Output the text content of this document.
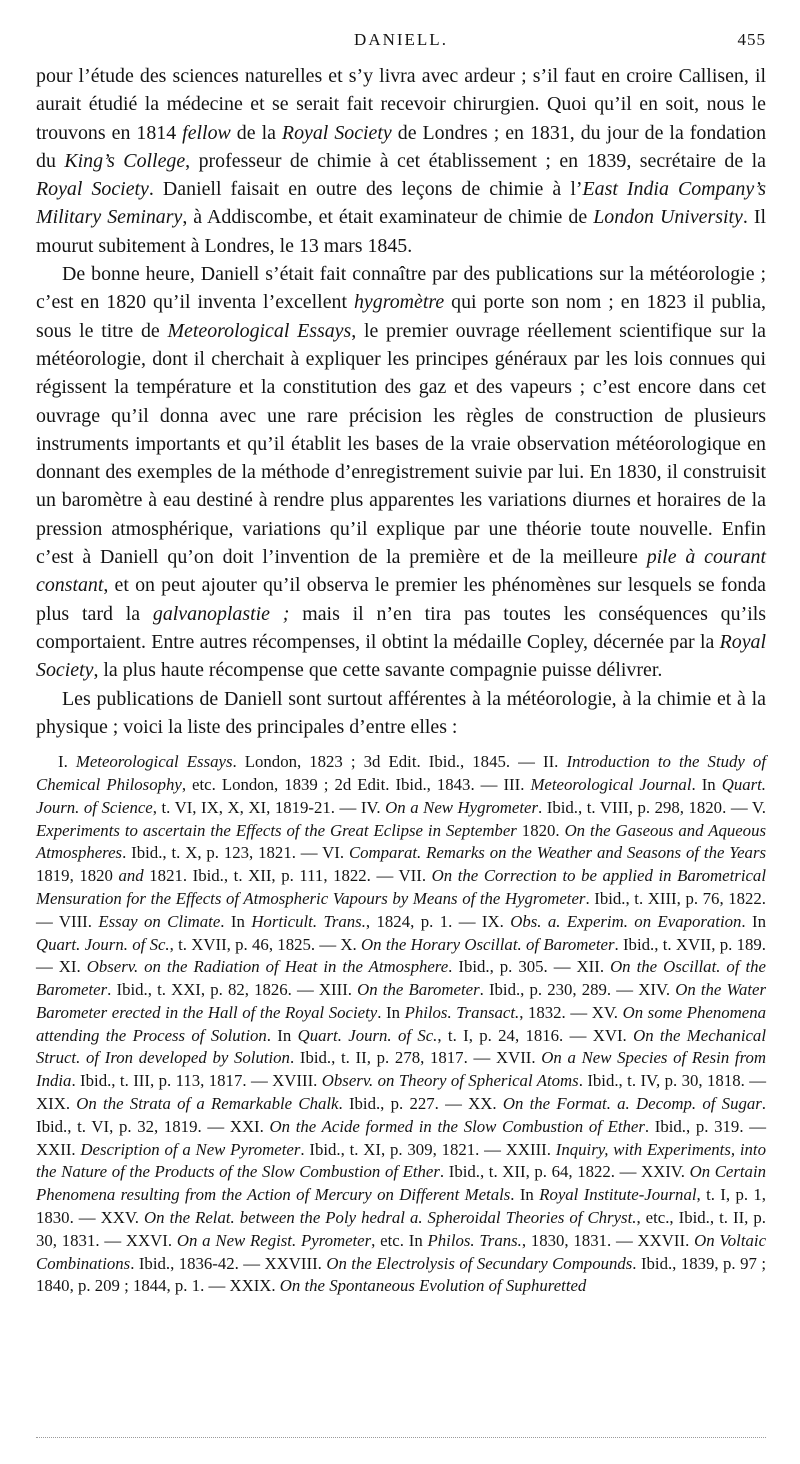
DANIELL.	455

pour l’étude des sciences naturelles et s’y livra avec ardeur ; s’il faut en croire Callisen, il aurait étudié la médecine et se serait fait recevoir chirurgien. Quoi qu’il en soit, nous le trouvons en 1814 fellow de la Royal Society de Londres ; en 1831, du jour de la fondation du King’s College, professeur de chimie à cet établissement ; en 1839, secrétaire de la Royal Society. Daniell faisait en outre des leçons de chimie à l’East India Company’s Military Seminary, à Addiscombe, et était examinateur de chimie de London University. Il mourut subitement à Londres, le 13 mars 1845.

De bonne heure, Daniell s’était fait connaître par des publications sur la météorologie ; c’est en 1820 qu’il inventa l’excellent hygromètre qui porte son nom ; en 1823 il publia, sous le titre de Meteorological Essays, le premier ouvrage réellement scientifique sur la météorologie, dont il cherchait à expliquer les principes généraux par les lois connues qui régissent la température et la constitution des gaz et des vapeurs ; c’est encore dans cet ouvrage qu’il donna avec une rare précision les règles de construction de plusieurs instruments importants et qu’il établit les bases de la vraie observation météorologique en donnant des exemples de la méthode d’enregistrement suivie par lui. En 1830, il construisit un baromètre à eau destiné à rendre plus apparentes les variations diurnes et horaires de la pression atmosphérique, variations qu’il explique par une théorie toute nouvelle. Enfin c’est à Daniell qu’on doit l’invention de la première et de la meilleure pile à courant constant, et on peut ajouter qu’il observa le premier les phénomènes sur lesquels se fonda plus tard la galvanoplastie ; mais il n’en tira pas toutes les conséquences qu’ils comportaient. Entre autres récompenses, il obtint la médaille Copley, décernée par la Royal Society, la plus haute récompense que cette savante compagnie puisse délivrer.

Les publications de Daniell sont surtout afférentes à la météorologie, à la chimie et à la physique ; voici la liste des principales d’entre elles :

I. Meteorological Essays. London, 1823 ; 3d Edit. Ibid., 1845. — II. Introduction to the Study of Chemical Philosophy, etc. London, 1839 ; 2d Edit. Ibid., 1843. — III. Meteorological Journal. In Quart. Journ. of Science, t. VI, IX, X, XI, 1819-21. — IV. On a New Hygrometer. Ibid., t. VIII, p. 298, 1820. — V. Experiments to ascertain the Effects of the Great Eclipse in September 1820. On the Gaseous and Aqueous Atmospheres. Ibid., t. X, p. 123, 1821. — VI. Comparat. Remarks on the Weather and Seasons of the Years 1819, 1820 and 1821. Ibid., t. XII, p. 111, 1822. — VII. On the Correction to be applied in Barometrical Mensuration for the Effects of Atmospheric Vapours by Means of the Hygrometer. Ibid., t. XIII, p. 76, 1822. — VIII. Essay on Climate. In Horticult. Trans., 1824, p. 1. — IX. Obs. a. Experim. on Evaporation. In Quart. Journ. of Sc., t. XVII, p. 46, 1825. — X. On the Horary Oscillat. of Barometer. Ibid., t. XVII, p. 189. — XI. Observ. on the Radiation of Heat in the Atmosphere. Ibid., p. 305. — XII. On the Oscillat. of the Barometer. Ibid., t. XXI, p. 82, 1826. — XIII. On the Barometer. Ibid., p. 230, 289. — XIV. On the Water Barometer erected in the Hall of the Royal Society. In Philos. Transact., 1832. — XV. On some Phenomena attending the Process of Solution. In Quart. Journ. of Sc., t. I, p. 24, 1816. — XVI. On the Mechanical Struct. of Iron developed by Solution. Ibid., t. II, p. 278, 1817. — XVII. On a New Species of Resin from India. Ibid., t. III, p. 113, 1817. — XVIII. Observ. on Theory of Spherical Atoms. Ibid., t. IV, p. 30, 1818. — XIX. On the Strata of a Remarkable Chalk. Ibid., p. 227. — XX. On the Format. a. Decomp. of Sugar. Ibid., t. VI, p. 32, 1819. — XXI. On the Acide formed in the Slow Combustion of Ether. Ibid., p. 319. — XXII. Description of a New Pyrometer. Ibid., t. XI, p. 309, 1821. — XXIII. Inquiry, with Experiments, into the Nature of the Products of the Slow Combustion of Ether. Ibid., t. XII, p. 64, 1822. — XXIV. On Certain Phenomena resulting from the Action of Mercury on Different Metals. In Royal Institute-Journal, t. I, p. 1, 1830. — XXV. On the Relat. between the Poly hedral a. Spheroidal Theories of Chryst., etc., Ibid., t. II, p. 30, 1831. — XXVI. On a New Regist. Pyrometer, etc. In Philos. Trans., 1830, 1831. — XXVII. On Voltaic Combinations. Ibid., 1836-42. — XXVIII. On the Electrolysis of Secundary Compounds. Ibid., 1839, p. 97 ; 1840, p. 209 ; 1844, p. 1. — XXIX. On the Spontaneous Evolution of Suphuretted
